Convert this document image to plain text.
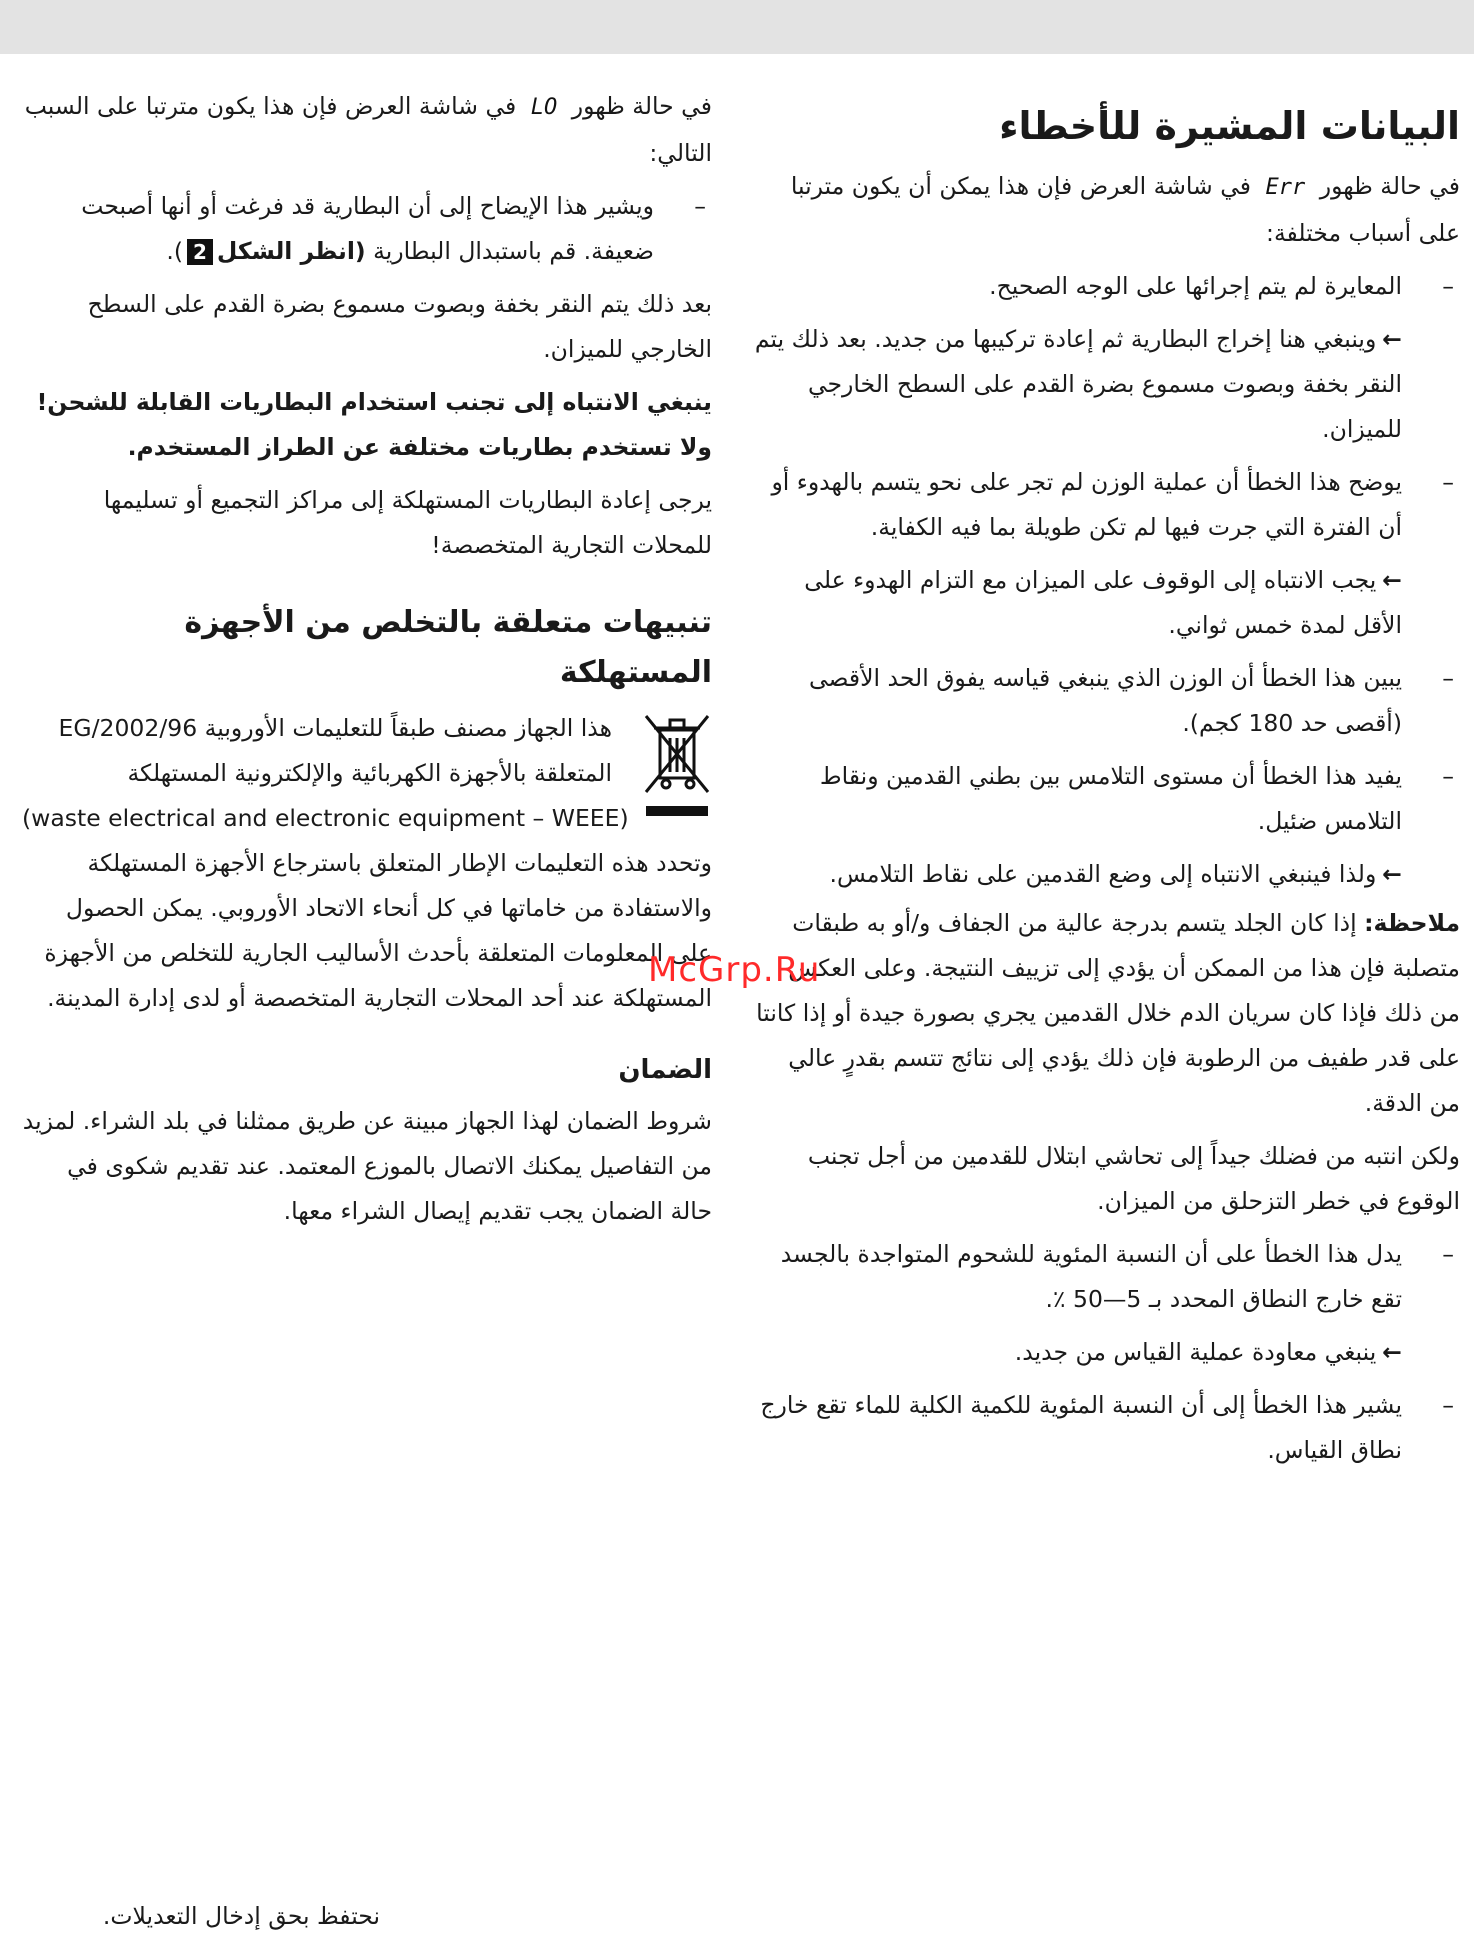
البيانات المشيرة للأخطاء

في حالة ظهور Err في شاشة العرض فإن هذا يمكن أن يكون مترتبا على أسباب مختلفة:

–
المعايرة لم يتم إجرائها على الوجه الصحيح.
←وينبغي هنا إخراج البطارية ثم إعادة تركيبها من جديد. بعد ذلك يتم النقر بخفة وبصوت مسموع بضرة القدم على السطح الخارجي للميزان.
–
يوضح هذا الخطأ أن عملية الوزن لم تجر على نحو يتسم بالهدوء أو أن الفترة التي جرت فيها لم تكن طويلة بما فيه الكفاية.
←يجب الانتباه إلى الوقوف على الميزان مع التزام الهدوء على الأقل لمدة خمس ثواني.
–
يبين هذا الخطأ أن الوزن الذي ينبغي قياسه يفوق الحد الأقصى (أقصى حد 180 كجم).
–
يفيد هذا الخطأ أن مستوى التلامس بين بطني القدمين ونقاط التلامس ضئيل.
←ولذا فينبغي الانتباه إلى وضع القدمين على نقاط التلامس.

ملاحظة: إذا كان الجلد يتسم بدرجة عالية من الجفاف و/أو به طبقات متصلبة فإن هذا من الممكن أن يؤدي إلى تزييف النتيجة. وعلى العكس من ذلك فإذا كان سريان الدم خلال القدمين يجري بصورة جيدة أو إذا كانتا على قدر طفيف من الرطوبة فإن ذلك يؤدي إلى نتائج تتسم بقدرٍ عالي من الدقة.

ولكن انتبه من فضلك جيداً إلى تحاشي ابتلال للقدمين من أجل تجنب الوقوع في خطر التزحلق من الميزان.

–
يدل هذا الخطأ على أن النسبة المئوية للشحوم المتواجدة بالجسد تقع خارج النطاق المحدد بـ 5—50 ٪.
←ينبغي معاودة عملية القياس من جديد.
–
يشير هذا الخطأ إلى أن النسبة المئوية للكمية الكلية للماء تقع خارج نطاق القياس.

في حالة ظهور LO في شاشة العرض فإن هذا يكون مترتبا على السبب التالي:

–
ويشير هذا الإيضاح إلى أن البطارية قد فرغت أو أنها أصبحت ضعيفة. قم باستبدال البطارية (انظر الشكل2).

بعد ذلك يتم النقر بخفة وبصوت مسموع بضرة القدم على السطح الخارجي للميزان.

ينبغي الانتباه إلى تجنب استخدام البطاريات القابلة للشحن! ولا تستخدم بطاريات مختلفة عن الطراز المستخدم.

يرجى إعادة البطاريات المستهلكة إلى مراكز التجميع أو تسليمها للمحلات التجارية المتخصصة!

تنبيهات متعلقة بالتخلص من الأجهزة المستهلكة
هذا الجهاز مصنف طبقاً للتعليمات الأوروبية 2002/96/EG المتعلقة بالأجهزة الكهربائية والإلكترونية المستهلكة
(waste electrical and electronic equipment – WEEE)

وتحدد هذه التعليمات الإطار المتعلق باسترجاع الأجهزة المستهلكة والاستفادة من خاماتها في كل أنحاء الاتحاد الأوروبي. يمكن الحصول على المعلومات المتعلقة بأحدث الأساليب الجارية للتخلص من الأجهزة المستهلكة عند أحد المحلات التجارية المتخصصة أو لدى إدارة المدينة.

الضمان

شروط الضمان لهذا الجهاز مبينة عن طريق ممثلنا في بلد الشراء. لمزيد من التفاصيل يمكنك الاتصال بالموزع المعتمد. عند تقديم شكوى في حالة الضمان يجب تقديم إيصال الشراء معها.

McGrp.Ru
نحتفظ بحق إدخال التعديلات.
